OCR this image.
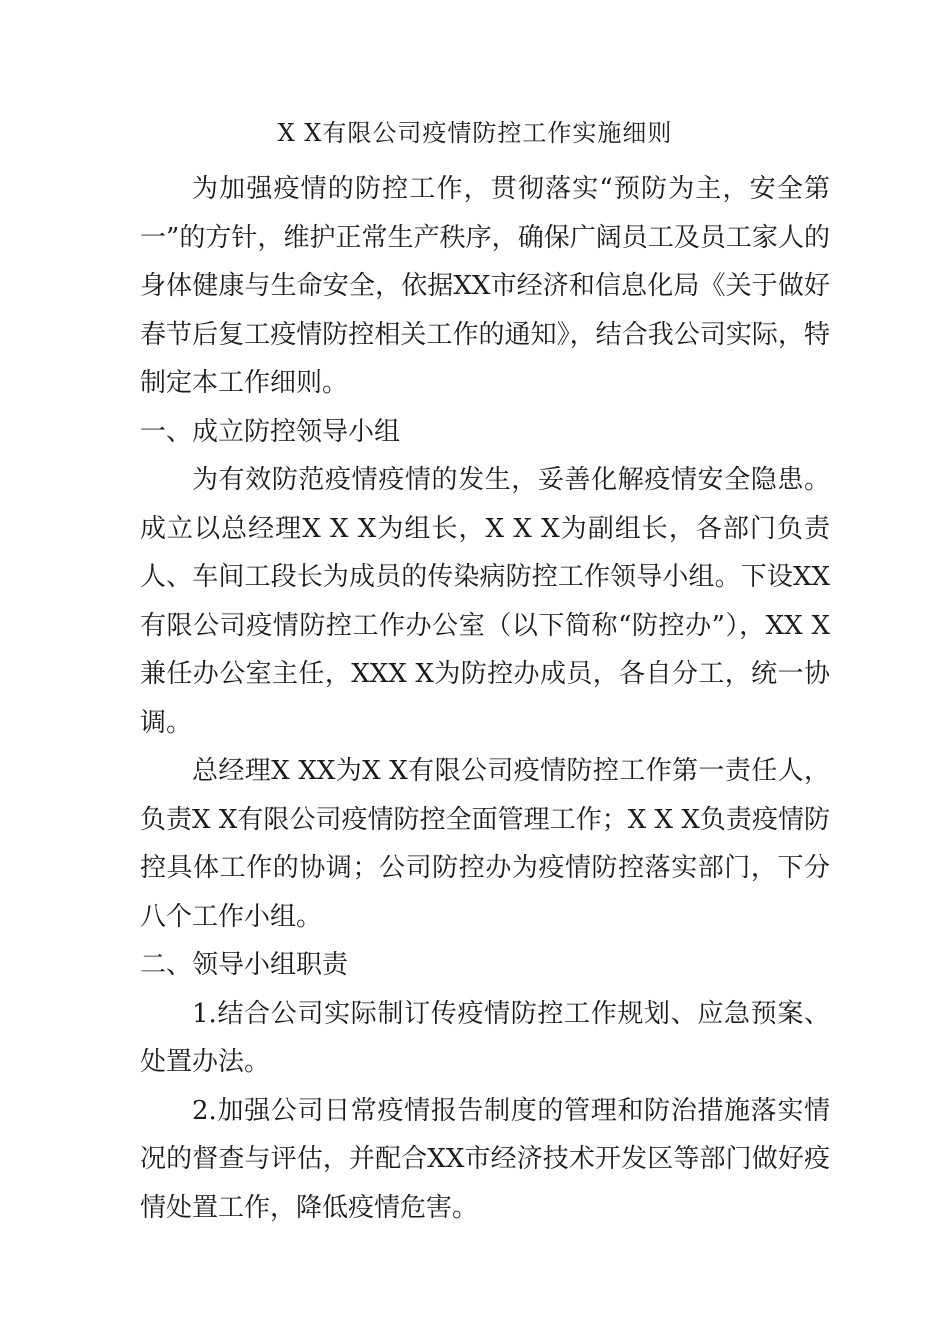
X X有限公司疫情防控工作实施细则

为加强疫情的防控工作，贯彻落实“预防为主，安全第一”的方针，维护正常生产秩序，确保广阔员工及员工家人的身体健康与生命安全，依据XX市经济和信息化局《关于做好春节后复工疫情防控相关工作的通知》，结合我公司实际，特制定本工作细则。

一、成立防控领导小组

为有效防范疫情疫情的发生，妥善化解疫情安全隐患。成立以总经理X X X为组长，X X X为副组长，各部门负责人、车间工段长为成员的传染病防控工作领导小组。下设XX有限公司疫情防控工作办公室（以下简称“防控办”），XX X兼任办公室主任，XXX X为防控办成员，各自分工，统一协调。

总经理X XX为X X有限公司疫情防控工作第一责任人，负责X X有限公司疫情防控全面管理工作；X X X负责疫情防控具体工作的协调；公司防控办为疫情防控落实部门，下分八个工作小组。

二、领导小组职责

1.结合公司实际制订传疫情防控工作规划、应急预案、处置办法。

2.加强公司日常疫情报告制度的管理和防治措施落实情况的督查与评估，并配合XX市经济技术开发区等部门做好疫情处置工作，降低疫情危害。
